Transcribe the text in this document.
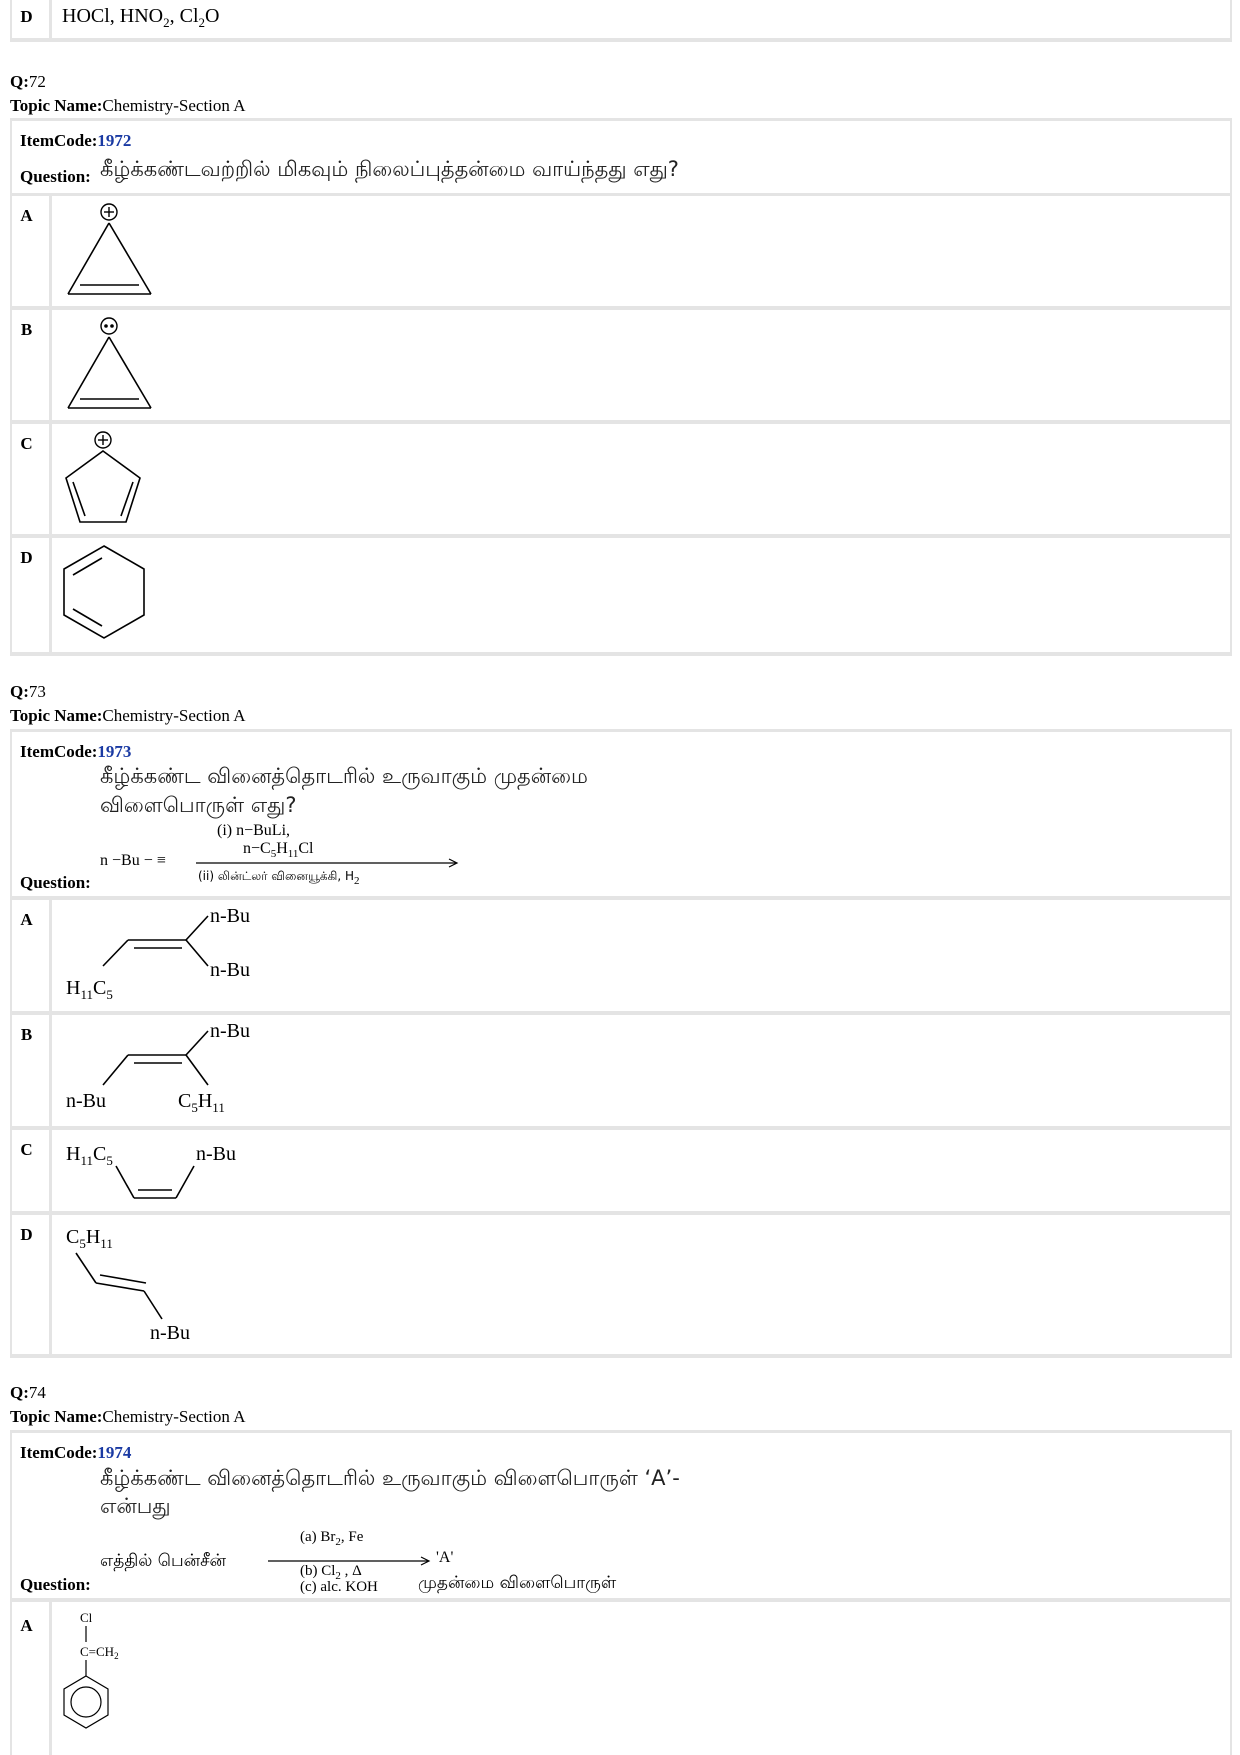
D	HOCl, $HNO_2$, $Cl_2O$
Q:72
Topic Name:Chemistry-Section A
ItemCode:1972
Question: கீழ்க்கண்டவற்றில் மிகவும் நிலைப்புத்தன்மை வாய்ந்தது எது?
A
B
C
D
Q:73
Topic Name:Chemistry-Section A
ItemCode:1973
கீழ்க்கண்ட வினைத்தொடரில் உருவாகும் முதன்மை
விளைபொருள் எது?
n −Bu − ≡
(i) n−BuLi,
$n-C_5H_{11}Cl$
(ii) லின்ட்லர் வினையூக்கி, $H_2$
Question:
A	n-Bu
n-Bu
$H_{11}C_5$
B	n-Bu
n-Bu	$C_5H_{11}$
C	$H_{11}C_5$	n-Bu
D	$C_5H_{11}$
n-Bu
Q:74
Topic Name:Chemistry-Section A
ItemCode:1974
கீழ்க்கண்ட வினைத்தொடரில் உருவாகும் விளைபொருள் ‘A’-
என்பது
எத்தில் பென்சீன்
(a) $Br_2$, Fe
(b) $Cl_2$ , Δ
(c) alc. KOH
'A'
முதன்மை விளைபொருள்
Question:
A	Cl
$C=CH_2$
